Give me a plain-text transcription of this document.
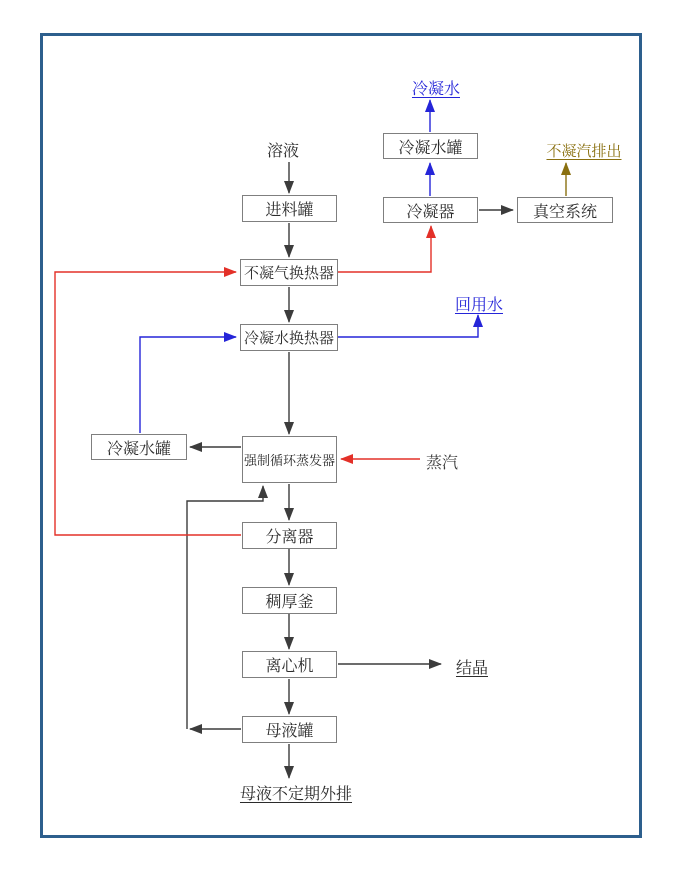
进料罐
不凝气换热器
冷凝水换热器
强制循环蒸发器
分离器
稠厚釜
离心机
母液罐
冷凝水罐
冷凝水罐
冷凝器	真空系统
溶液
冷凝水
不凝汽排出
回用水
蒸汽
结晶
母液不定期外排
